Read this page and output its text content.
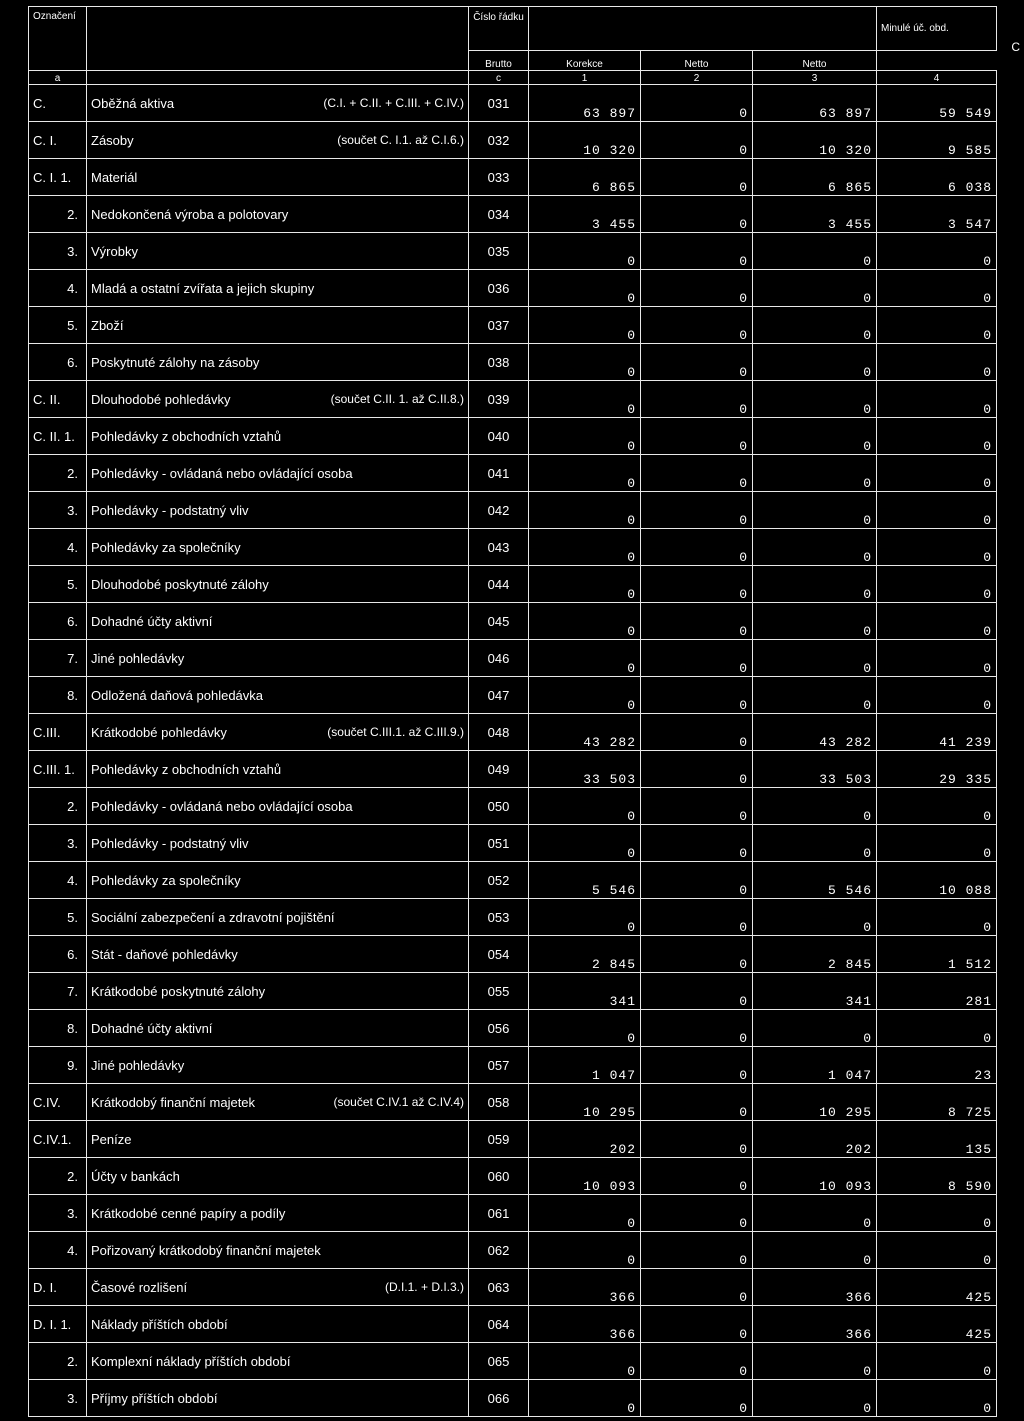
Označení		Číslo řádku				Minulé úč. obd.
		Brutto	Korekce	Netto	Netto	
a		c	1	2	3	4
C.	Oběžná aktiva (C.I. + C.II. + C.III. + C.IV.)	031	63 897	0	63 897	59 549
C. I.	Zásoby (součet C. I.1. až C.I.6.)	032	10 320	0	10 320	9 585
C. I. 1.	Materiál	033	6 865	0	6 865	6 038
2.	Nedokončená výroba a polotovary	034	3 455	0	3 455	3 547
3.	Výrobky	035	0	0	0	0
4.	Mladá a ostatní zvířata a jejich skupiny	036	0	0	0	0
5.	Zboží	037	0	0	0	0
6.	Poskytnuté zálohy na zásoby	038	0	0	0	0
C. II.	Dlouhodobé pohledávky (součet C.II. 1. až C.II.8.)	039	0	0	0	0
C. II. 1.	Pohledávky z obchodních vztahů	040	0	0	0	0
2.	Pohledávky - ovládaná nebo ovládající osoba	041	0	0	0	0
3.	Pohledávky - podstatný vliv	042	0	0	0	0
4.	Pohledávky za společníky	043	0	0	0	0
5.	Dlouhodobé poskytnuté zálohy	044	0	0	0	0
6.	Dohadné účty aktivní	045	0	0	0	0
7.	Jiné pohledávky	046	0	0	0	0
8.	Odložená daňová pohledávka	047	0	0	0	0
C.III.	Krátkodobé pohledávky (součet C.III.1. až C.III.9.)	048	43 282	0	43 282	41 239
C.III. 1.	Pohledávky z obchodních vztahů	049	33 503	0	33 503	29 335
2.	Pohledávky - ovládaná nebo ovládající osoba	050	0	0	0	0
3.	Pohledávky - podstatný vliv	051	0	0	0	0
4.	Pohledávky za společníky	052	5 546	0	5 546	10 088
5.	Sociální zabezpečení a zdravotní pojištění	053	0	0	0	0
6.	Stát - daňové pohledávky	054	2 845	0	2 845	1 512
7.	Krátkodobé poskytnuté zálohy	055	341	0	341	281
8.	Dohadné účty aktivní	056	0	0	0	0
9.	Jiné pohledávky	057	1 047	0	1 047	23
C.IV.	Krátkodobý finanční majetek (součet C.IV.1 až C.IV.4)	058	10 295	0	10 295	8 725
C.IV.1.	Peníze	059	202	0	202	135
2.	Účty v bankách	060	10 093	0	10 093	8 590
3.	Krátkodobé cenné papíry a podíly	061	0	0	0	0
4.	Pořizovaný krátkodobý finanční majetek	062	0	0	0	0
D. I.	Časové rozlišení (D.I.1. + D.I.3.)	063	366	0	366	425
D. I. 1.	Náklady příštích období	064	366	0	366	425
2.	Komplexní náklady příštích období	065	0	0	0	0
3.	Příjmy příštích období	066	0	0	0	0
C
